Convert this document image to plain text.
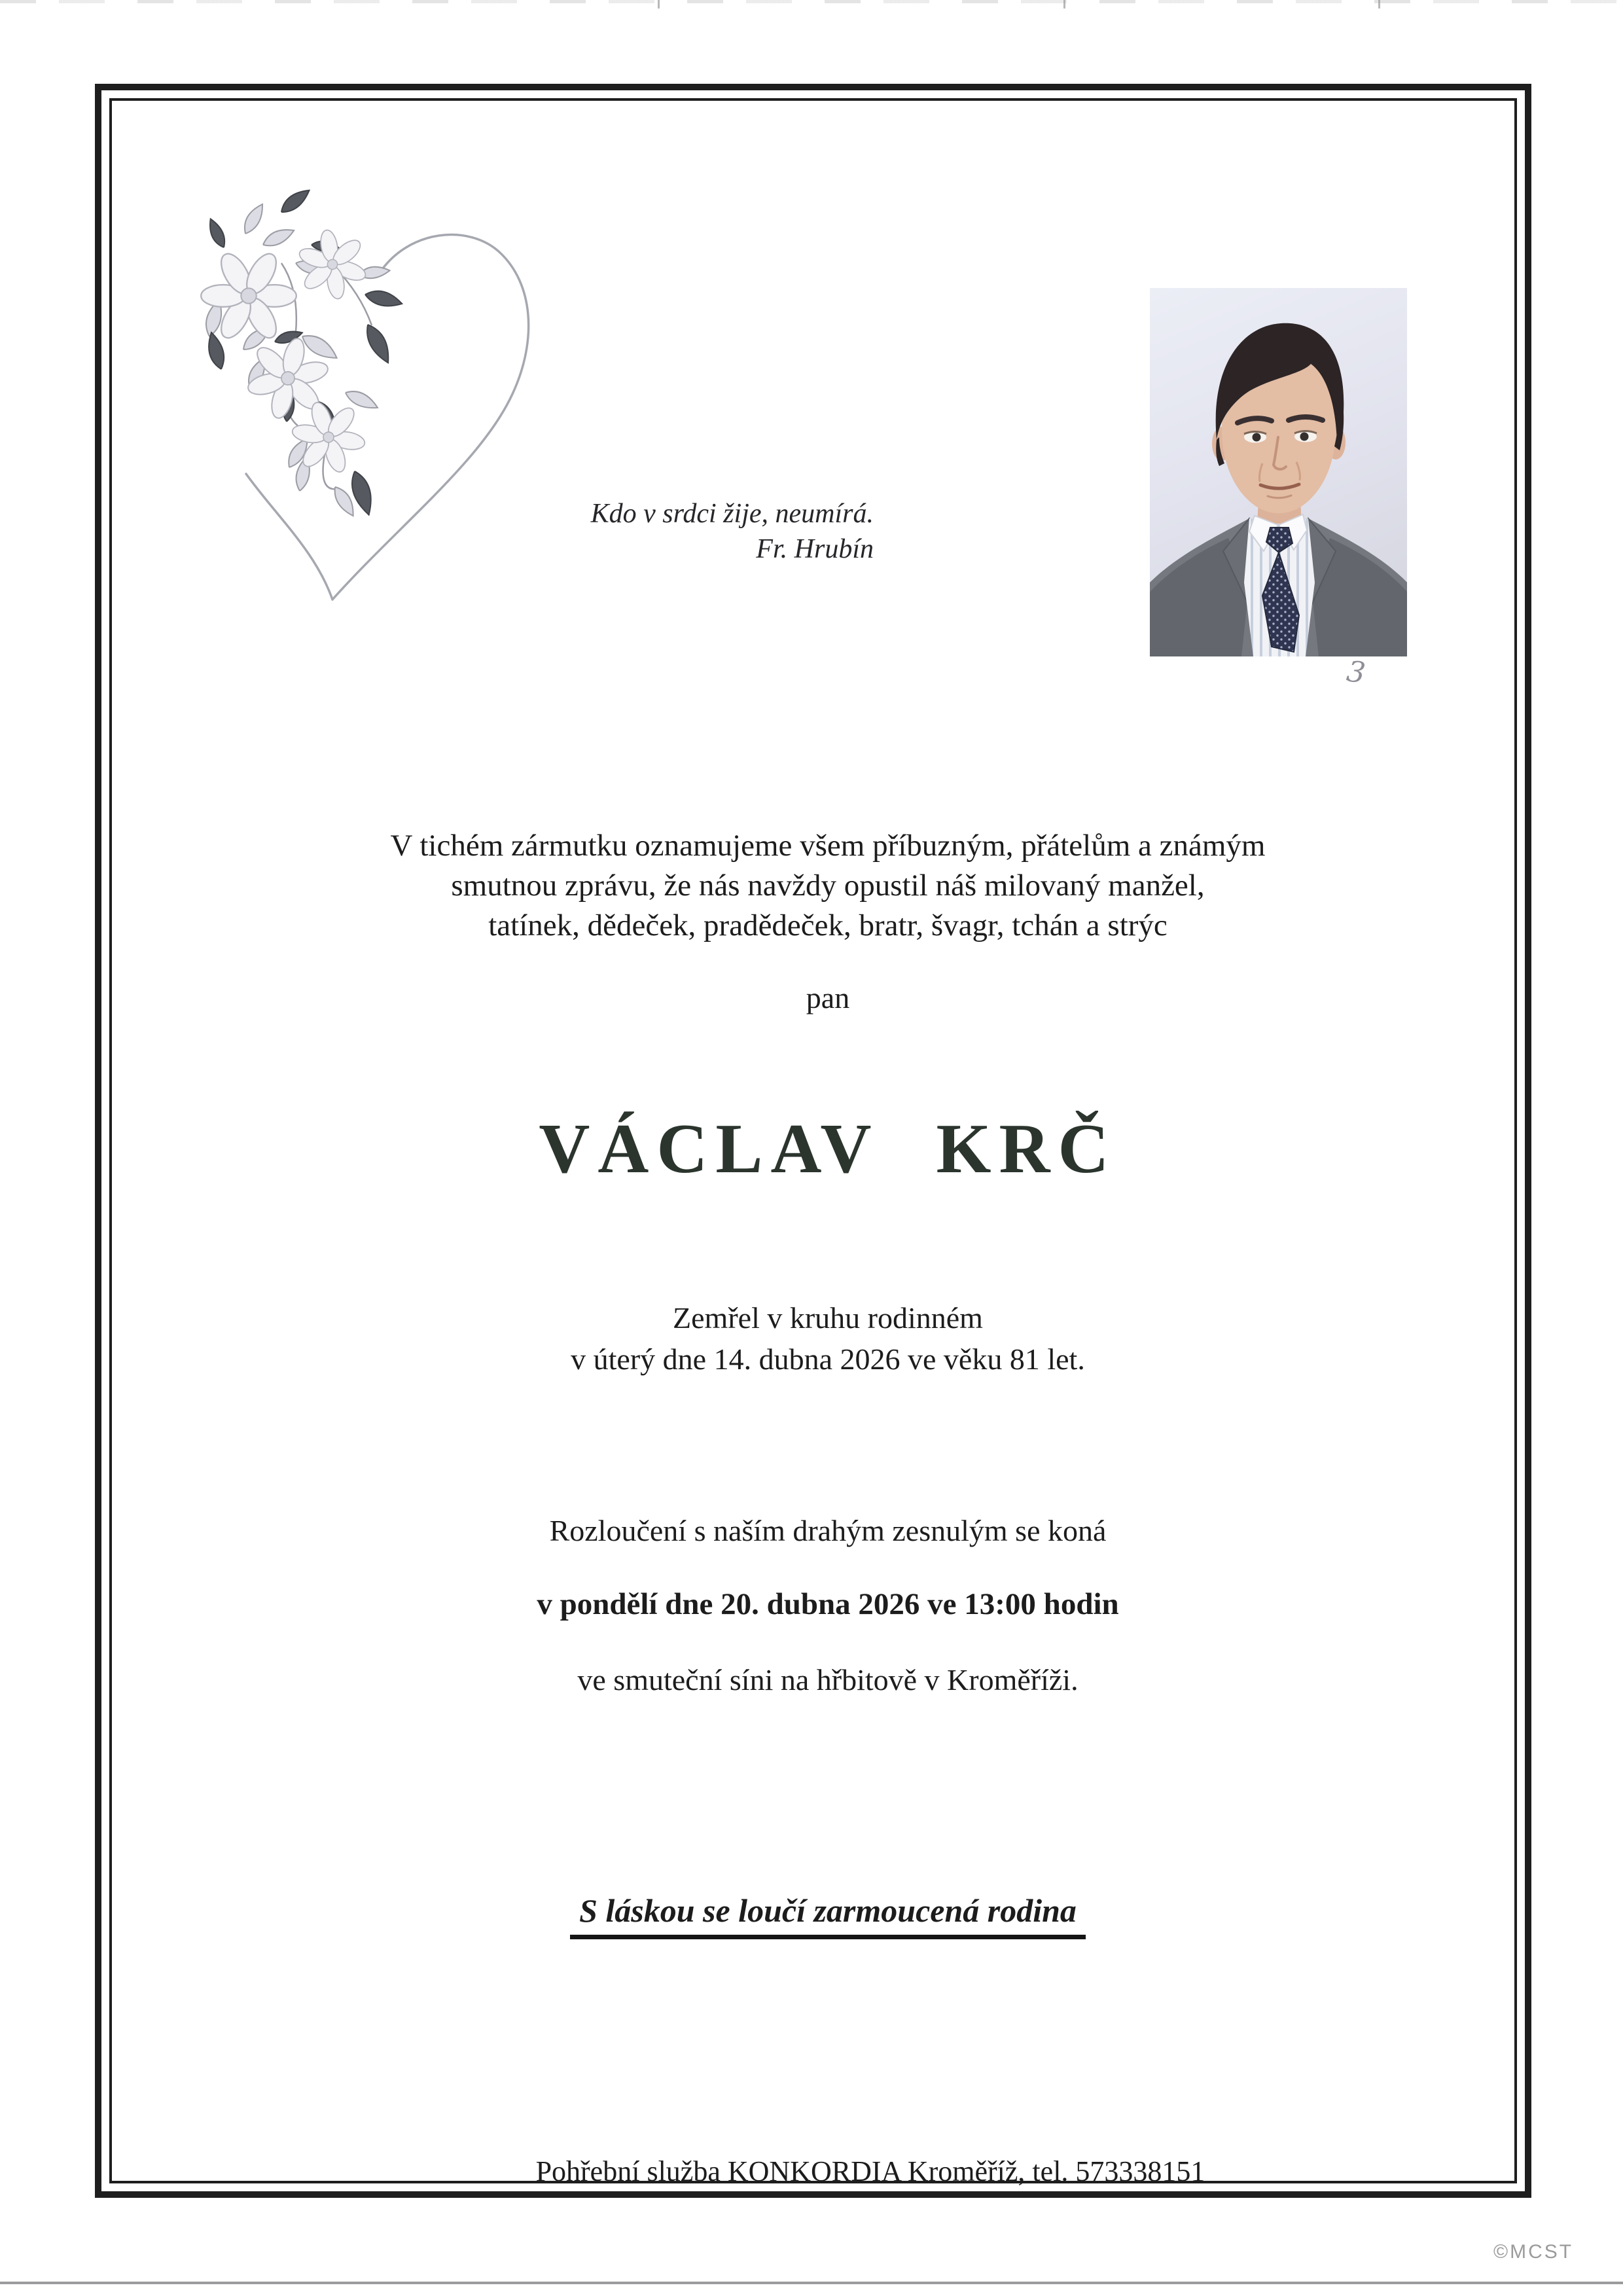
Kdo v srdci žije, neumírá.
Fr. Hrubín
3
V tichém zármutku oznamujeme všem příbuzným, přátelům a známým
smutnou zprávu, že nás navždy opustil náš milovaný manžel,
tatínek, dědeček, pradědeček, bratr, švagr, tchán a strýc
pan
VÁCLAV KRČ
Zemřel v kruhu rodinném
v úterý dne 14. dubna 2026 ve věku 81 let.
Rozloučení s naším drahým zesnulým se koná
v pondělí dne 20. dubna 2026 ve 13:00 hodin
ve smuteční síni na hřbitově v Kroměříži.
S láskou se loučí zarmoucená rodina
Pohřební služba KONKORDIA Kroměříž, tel. 573338151
©MCST
